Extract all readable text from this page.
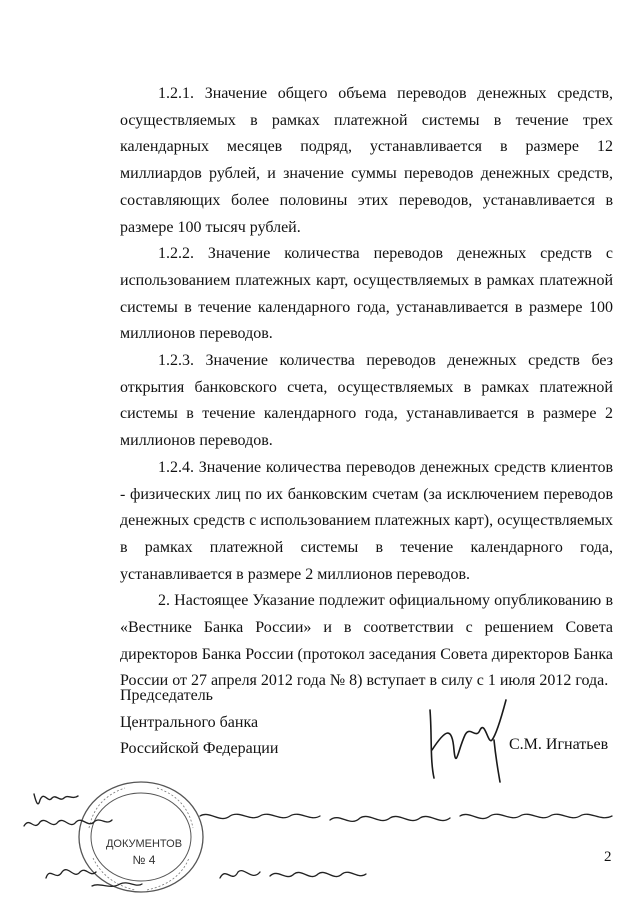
1.2.1. Значение общего объема переводов денежных средств, осуществляемых в рамках платежной системы в течение трех календарных месяцев подряд, устанавливается в размере 12 миллиардов рублей, и значение суммы переводов денежных средств, составляющих более половины этих переводов, устанавливается в размере 100 тысяч рублей.

1.2.2. Значение количества переводов денежных средств с использованием платежных карт, осуществляемых в рамках платежной системы в течение календарного года, устанавливается в размере 100 миллионов переводов.

1.2.3. Значение количества переводов денежных средств без открытия банковского счета, осуществляемых в рамках платежной системы в течение календарного года, устанавливается в размере 2 миллионов переводов.

1.2.4. Значение количества переводов денежных средств клиентов - физических лиц по их банковским счетам (за исключением переводов денежных средств с использованием платежных карт), осуществляемых в рамках платежной системы в течение календарного года, устанавливается в размере 2 миллионов переводов.

2. Настоящее Указание подлежит официальному опубликованию в «Вестнике Банка России» и в соответствии с решением Совета директоров Банка России (протокол заседания Совета директоров Банка России от 27 апреля 2012 года № 8) вступает в силу с 1 июля 2012 года.

Председатель
Центрального банка
Российской Федерации	С.М. Игнатьев
2
ДОКУМЕНТОВ
№ 4
